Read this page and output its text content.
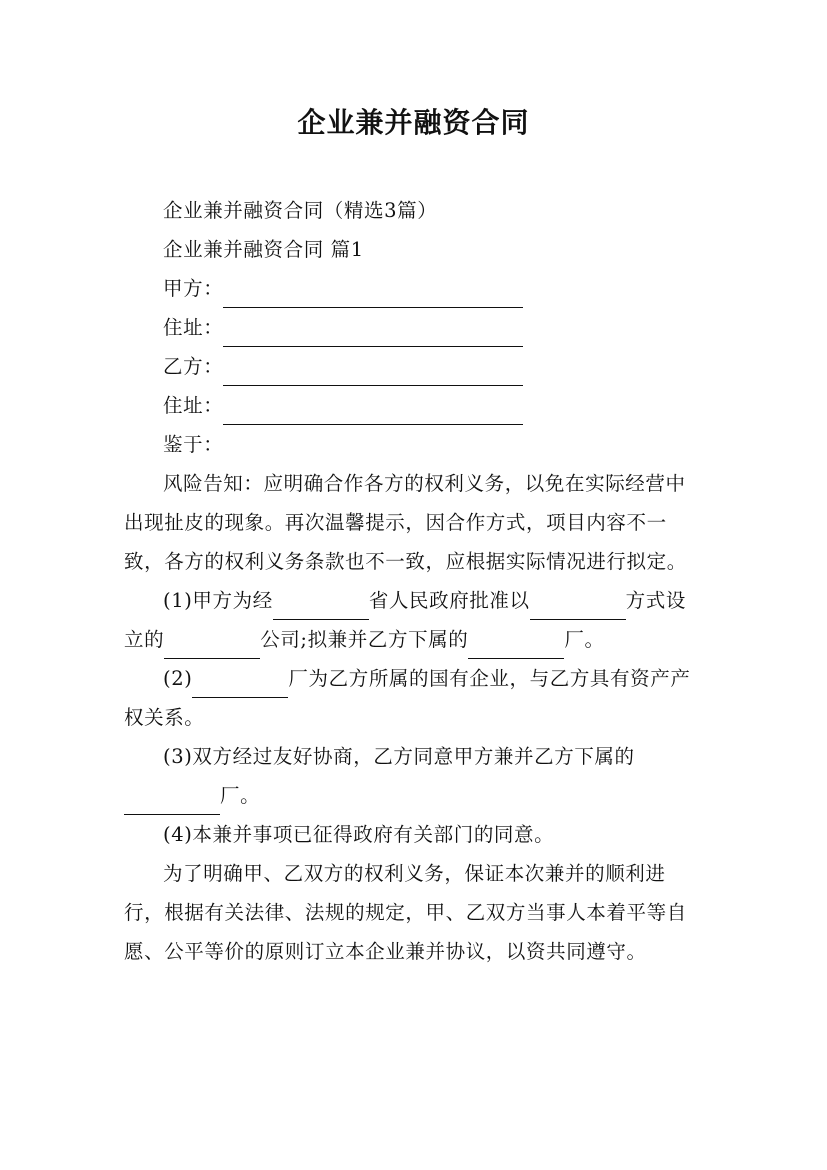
企业兼并融资合同

企业兼并融资合同（精选3篇）

企业兼并融资合同 篇1

甲方：

住址：

乙方：

住址：

鉴于：

风险告知：应明确合作各方的权利义务，以免在实际经营中出现扯皮的现象。再次温馨提示，因合作方式，项目内容不一致，各方的权利义务条款也不一致，应根据实际情况进行拟定。

(1)甲方为经	省人民政府批准以	方式设立的	公司;拟兼并乙方下属的	厂。

(2)	厂为乙方所属的国有企业，与乙方具有资产产权关系。

(3)双方经过友好协商，乙方同意甲方兼并乙方下属的厂。

(4)本兼并事项已征得政府有关部门的同意。

为了明确甲、乙双方的权利义务，保证本次兼并的顺利进行，根据有关法律、法规的规定，甲、乙双方当事人本着平等自愿、公平等价的原则订立本企业兼并协议，以资共同遵守。
